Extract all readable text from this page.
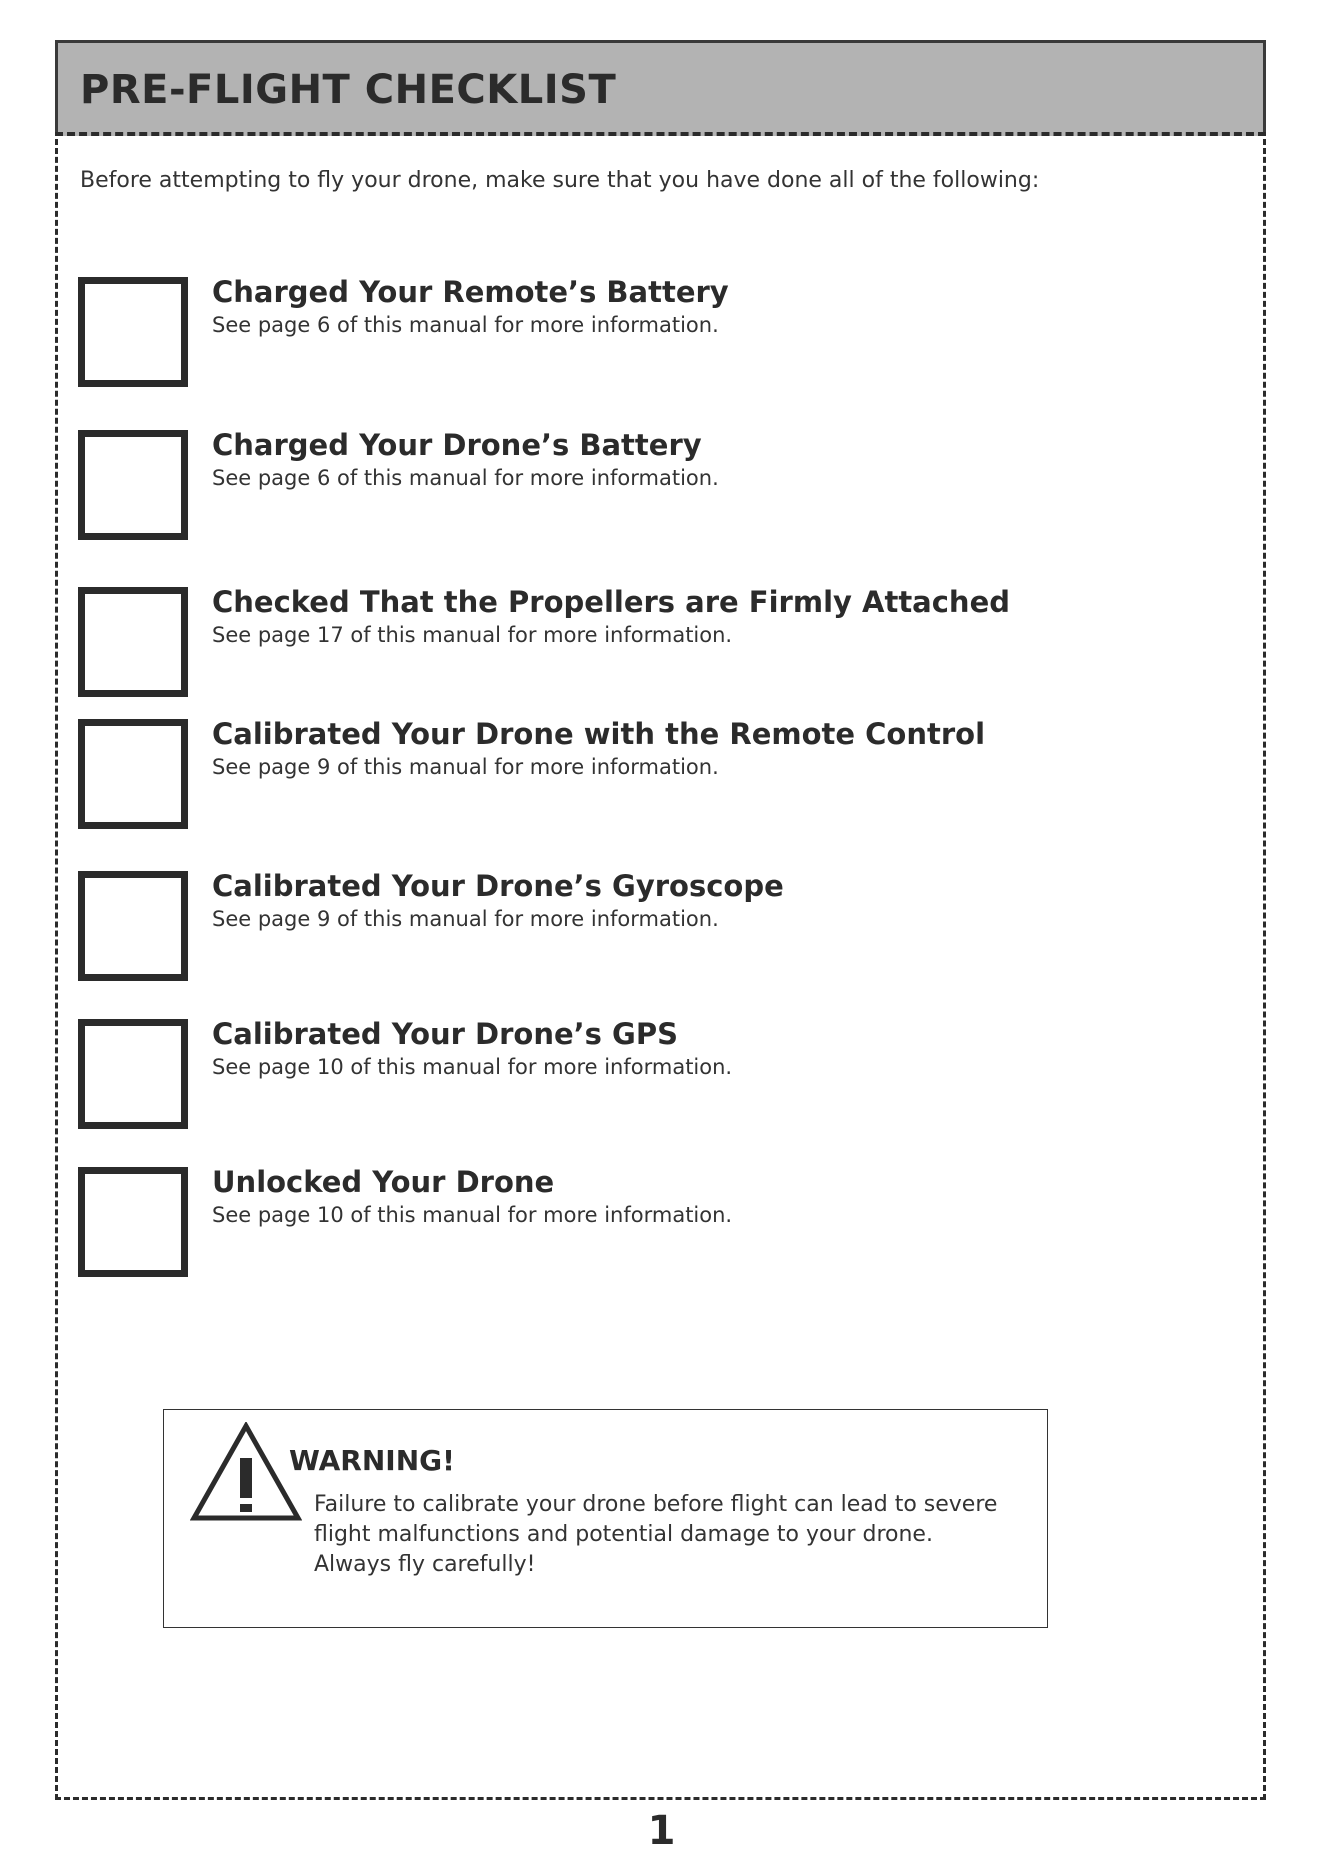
PRE-FLIGHT CHECKLIST

Before attempting to fly your drone, make sure that you have done all of the following:

Charged Your Remote’s Battery

See page 6 of this manual for more information.

Charged Your Drone’s Battery

See page 6 of this manual for more information.

Checked That the Propellers are Firmly Attached

See page 17 of this manual for more information.

Calibrated Your Drone with the Remote Control

See page 9 of this manual for more information.

Calibrated Your Drone’s Gyroscope

See page 9 of this manual for more information.

Calibrated Your Drone’s GPS

See page 10 of this manual for more information.

Unlocked Your Drone

See page 10 of this manual for more information.

WARNING!

Failure to calibrate your drone before flight can lead to severe flight malfunctions and potential damage to your drone. Always fly carefully!

1
